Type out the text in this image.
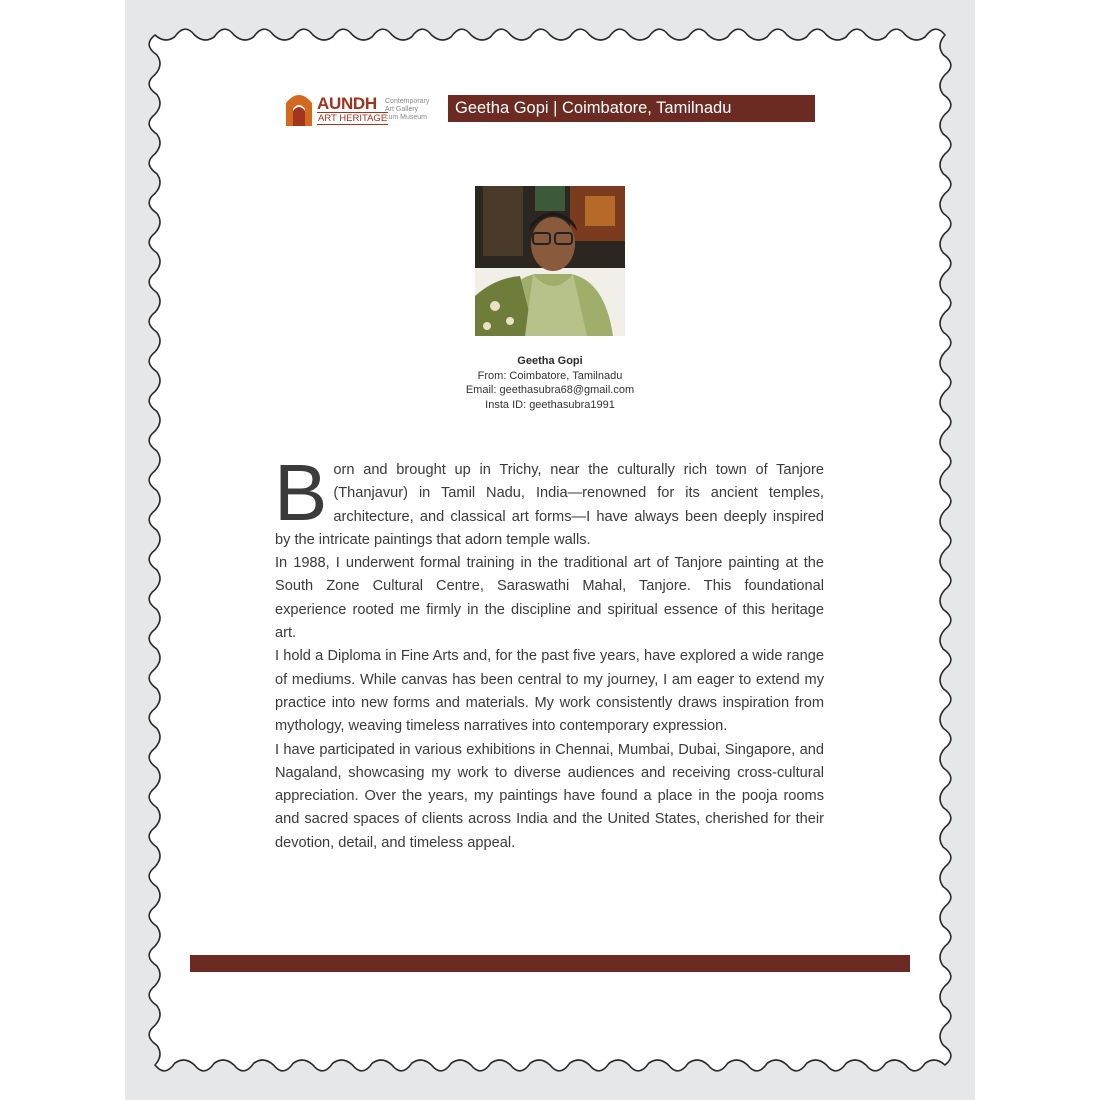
AUNDH
ART HERITAGE
Contemporary
Art Gallery
cum Museum
Geetha Gopi | Coimbatore, Tamilnadu
Geetha Gopi
From: Coimbatore, Tamilnadu
Email: geethasubra68@gmail.com
Insta ID: geethasubra1991

Born and brought up in Trichy, near the culturally rich town of Tanjore (Thanjavur) in Tamil Nadu, India—renowned for its ancient temples, architecture, and classical art forms—I have always been deeply inspired by the intricate paintings that adorn temple walls.

In 1988, I underwent formal training in the traditional art of Tanjore painting at the South Zone Cultural Centre, Saraswathi Mahal, Tanjore. This foundational experience rooted me firmly in the discipline and spiritual essence of this heritage art.

I hold a Diploma in Fine Arts and, for the past five years, have explored a wide range of mediums. While canvas has been central to my journey, I am eager to extend my practice into new forms and materials. My work consistently draws inspiration from mythology, weaving timeless narratives into contemporary expression.

I have participated in various exhibitions in Chennai, Mumbai, Dubai, Singapore, and Nagaland, showcasing my work to diverse audiences and receiving cross-cultural appreciation. Over the years, my paintings have found a place in the pooja rooms and sacred spaces of clients across India and the United States, cherished for their devotion, detail, and timeless appeal.
